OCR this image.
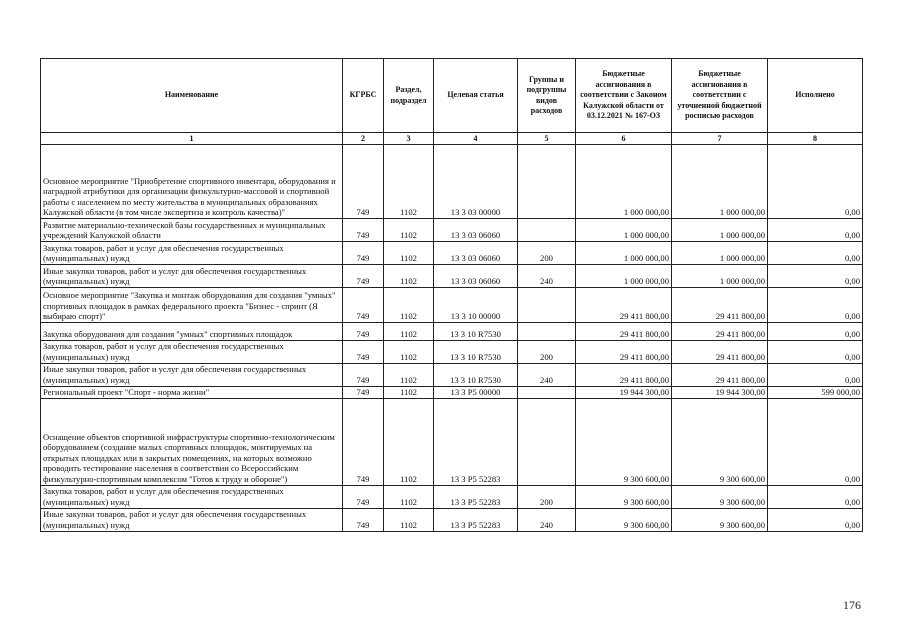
Наименование	КГРБС	Раздел, подраздел	Целевая статья	Группы и подгруппы видов расходов	Бюджетные ассигнования в соответствии с Законом Калужской области от 03.12.2021 № 167-ОЗ	Бюджетные ассигнования в соответствии с уточненной бюджетной росписью расходов	Исполнено
1	2	3	4	5	6	7	8
Основное мероприятие "Приобретение спортивного инвентаря, оборудования и наградной атрибутики для организации физкультурно-массовой и спортивной работы с населением по месту жительства в муниципальных образованиях Калужской области (в том числе экспертиза и контроль качества)"	749	1102	13 3 03 00000		1 000 000,00	1 000 000,00	0,00
Развитие материально-технической базы государственных и муниципальных учреждений Калужской области	749	1102	13 3 03 06060		1 000 000,00	1 000 000,00	0,00
Закупка товаров, работ и услуг для обеспечения государственных (муниципальных) нужд	749	1102	13 3 03 06060	200	1 000 000,00	1 000 000,00	0,00
Иные закупки товаров, работ и услуг для обеспечения государственных (муниципальных) нужд	749	1102	13 3 03 06060	240	1 000 000,00	1 000 000,00	0,00
Основное мероприятие "Закупка и монтаж оборудования для создания "умных" спортивных площадок в рамках федерального проекта "Бизнес - спринт (Я выбираю спорт)"	749	1102	13 3 10 00000		29 411 800,00	29 411 800,00	0,00
Закупка оборудования для создания "умных" спортивных площадок	749	1102	13 3 10 R7530		29 411 800,00	29 411 800,00	0,00
Закупка товаров, работ и услуг для обеспечения государственных (муниципальных) нужд	749	1102	13 3 10 R7530	200	29 411 800,00	29 411 800,00	0,00
Иные закупки товаров, работ и услуг для обеспечения государственных (муниципальных) нужд	749	1102	13 3 10 R7530	240	29 411 800,00	29 411 800,00	0,00
Региональный проект "Спорт - норма жизни"	749	1102	13 3 P5 00000		19 944 300,00	19 944 300,00	599 000,00
Оснащение объектов спортивной инфраструктуры спортивно-технологическим оборудованием (создание малых спортивных площадок, монтируемых на открытых площадках или в закрытых помещениях, на которых возможно проводить тестирование населения в соответствии со Всероссийским физкультурно-спортивным комплексом "Готов к труду и обороне")	749	1102	13 3 P5 52283		9 300 600,00	9 300 600,00	0,00
Закупка товаров, работ и услуг для обеспечения государственных (муниципальных) нужд	749	1102	13 3 P5 52283	200	9 300 600,00	9 300 600,00	0,00
Иные закупки товаров, работ и услуг для обеспечения государственных (муниципальных) нужд	749	1102	13 3 P5 52283	240	9 300 600,00	9 300 600,00	0,00
176
